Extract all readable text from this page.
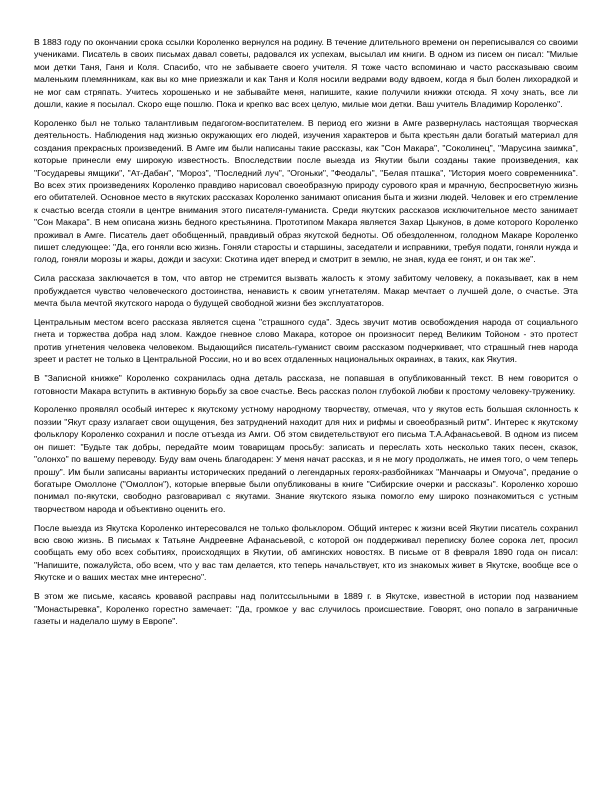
В 1883 году по окончании срока ссылки Короленко вернулся на родину. В течение длительного времени он переписывался со своими учениками. Писатель в своих письмах давал советы, радовался их успехам, высылал им книги. В одном из писем он писал: "Милые мои детки Таня, Ганя и Коля. Спасибо, что не забываете своего учителя. Я тоже часто вспоминаю и часто рассказываю своим маленьким племянникам, как вы ко мне приезжали и как Таня и Коля носили ведрами воду вдвоем, когда я был болен лихорадкой и не мог сам стряпать. Учитесь хорошенько и не забывайте меня, напишите, какие получили книжки отсюда. Я хочу знать, все ли дошли, какие я посылал. Скоро еще пошлю. Пока и крепко вас всех целую, милые мои детки. Ваш учитель Владимир Короленко".

Короленко был не только талантливым педагогом-воспитателем. В период его жизни в Амге развернулась настоящая творческая деятельность. Наблюдения над жизнью окружающих его людей, изучения характеров и быта крестьян дали богатый материал для создания прекрасных произведений. В Амге им были написаны такие рассказы, как "Сон Макара", "Соколинец", "Марусина заимка", которые принесли ему широкую известность. Впоследствии после выезда из Якутии были созданы такие произведения, как "Государевы ямщики", "Ат-Дабан", "Мороз", "Последний луч", "Огоньки", "Феодалы", "Белая пташка", "История моего современника". Во всех этих произведениях Короленко правдиво нарисовал своеобразную природу сурового края и мрачную, беспросветную жизнь его обитателей. Основное место в якутских рассказах Короленко занимают описания быта и жизни людей. Человек и его стремление к счастью всегда стояли в центре внимания этого писателя-гуманиста. Среди якутских рассказов исключительное место занимает "Сон Макара". В нем описана жизнь бедного крестьянина. Прототипом Макара является Захар Цыкунов, в доме которого Короленко проживал в Амге. Писатель дает обобщенный, правдивый образ якутской бедноты. Об обездоленном, голодном Макаре Короленко пишет следующее: "Да, его гоняли всю жизнь. Гоняли старосты и старшины, заседатели и исправники, требуя подати, гоняли нужда и голод, гоняли морозы и жары, дожди и засухи: Скотина идет вперед и смотрит в землю, не зная, куда ее гонят, и он так же".

Сила рассказа заключается в том, что автор не стремится вызвать жалость к этому забитому человеку, а показывает, как в нем пробуждается чувство человеческого достоинства, ненависть к своим угнетателям. Макар мечтает о лучшей доле, о счастье. Эта мечта была мечтой якутского народа о будущей свободной жизни без эксплуататоров.

Центральным местом всего рассказа является сцена "страшного суда". Здесь звучит мотив освобождения народа от социального гнета и торжества добра над злом. Каждое гневное слово Макара, которое он произносит перед Великим Тойоном - это протест против угнетения человека человеком. Выдающийся писатель-гуманист своим рассказом подчеркивает, что страшный гнев народа зреет и растет не только в Центральной России, но и во всех отдаленных национальных окраинах, в таких, как Якутия.

В "Записной книжке" Короленко сохранилась одна деталь рассказа, не попавшая в опубликованный текст. В нем говорится о готовности Макара вступить в активную борьбу за свое счастье. Весь рассказ полон глубокой любви к простому человеку-труженику.

Короленко проявлял особый интерес к якутскому устному народному творчеству, отмечая, что у якутов есть большая склонность к поэзии "Якут сразу излагает свои ощущения, без затруднений находит для них и рифмы и своеобразный ритм". Интерес к якутскому фольклору Короленко сохранил и после отъезда из Амги. Об этом свидетельствуют его письма Т.А.Афанасьевой. В одном из писем он пишет: "Будьте так добры, передайте моим товарищам просьбу: записать и переслать хоть несколько таких песен, сказок, "олонхо" по вашему переводу. Буду вам очень благодарен: У меня начат рассказ, и я не могу продолжать, не имея того, о чем теперь прошу". Им были записаны варианты исторических преданий о легендарных героях-разбойниках "Манчаары и Омуоча", предание о богатыре Омоллоне ("Омоллон"), которые впервые были опубликованы в книге "Сибирские очерки и рассказы". Короленко хорошо понимал по-якутски, свободно разговаривал с якутами. Знание якутского языка помогло ему широко познакомиться с устным творчеством народа и объективно оценить его.

После выезда из Якутска Короленко интересовался не только фольклором. Общий интерес к жизни всей Якутии писатель сохранил всю свою жизнь. В письмах к Татьяне Андреевне Афанасьевой, с которой он поддерживал переписку более сорока лет, просил сообщать ему обо всех событиях, происходящих в Якутии, об амгинских новостях. В письме от 8 февраля 1890 года он писал: "Напишите, пожалуйста, обо всем, что у вас там делается, кто теперь начальствует, кто из знакомых живет в Якутске, вообще все о Якутске и о ваших местах мне интересно".

В этом же письме, касаясь кровавой расправы над политссыльными в 1889 г. в Якутске, известной в истории под названием "Монастыревка", Короленко горестно замечает: "Да, громкое у вас случилось происшествие. Говорят, оно попало в заграничные газеты и наделало шуму в Европе".
